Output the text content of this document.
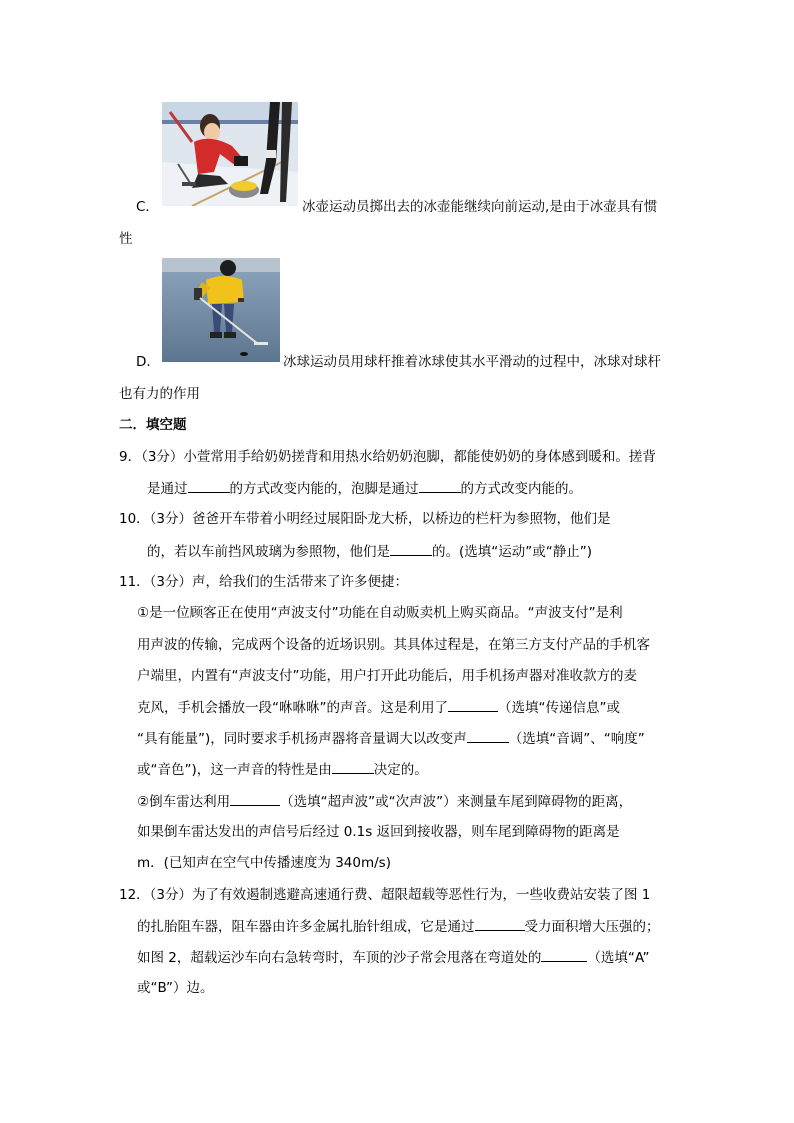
C．	冰壶运动员掷出去的冰壶能继续向前运动,是由于冰壶具有惯
性
D．	冰球运动员用球杆推着冰球使其水平滑动的过程中，冰球对球杆
也有力的作用
二．填空题
9．（3分）小萱常用手给奶奶搓背和用热水给奶奶泡脚，都能使奶奶的身体感到暖和。搓背
是通过	的方式改变内能的，泡脚是通过	的方式改变内能的。
10．（3分）爸爸开车带着小明经过展阳卧龙大桥，以桥边的栏杆为参照物，他们是
的，若以车前挡风玻璃为参照物，他们是	的。(选填“运动”或“静止”)
11．（3分）声，给我们的生活带来了许多便捷：
①是一位顾客正在使用“声波支付”功能在自动贩卖机上购买商品。“声波支付”是利
用声波的传输，完成两个设备的近场识别。其具体过程是，在第三方支付产品的手机客
户端里，内置有“声波支付”功能，用户打开此功能后，用手机扬声器对准收款方的麦
克风，手机会播放一段“咻咻咻”的声音。这是利用了	（选填“传递信息”或
“具有能量”)，同时要求手机扬声器将音量调大以改变声	（选填“音调”、“响度”
或“音色”)，这一声音的特性是由	决定的。
②倒车雷达利用	（选填“超声波”或“次声波”）来测量车尾到障碍物的距离，
如果倒车雷达发出的声信号后经过 0.1s 返回到接收器，则车尾到障碍物的距离是
m．(已知声在空气中传播速度为 340m/s)
12．（3分）为了有效遏制逃避高速通行费、超限超载等恶性行为，一些收费站安装了图 1
的扎胎阻车器，阻车器由许多金属扎胎针组成，它是通过	受力面积增大压强的；
如图 2，超载运沙车向右急转弯时，车顶的沙子常会甩落在弯道处的	（选填“A”
或“B”）边。
